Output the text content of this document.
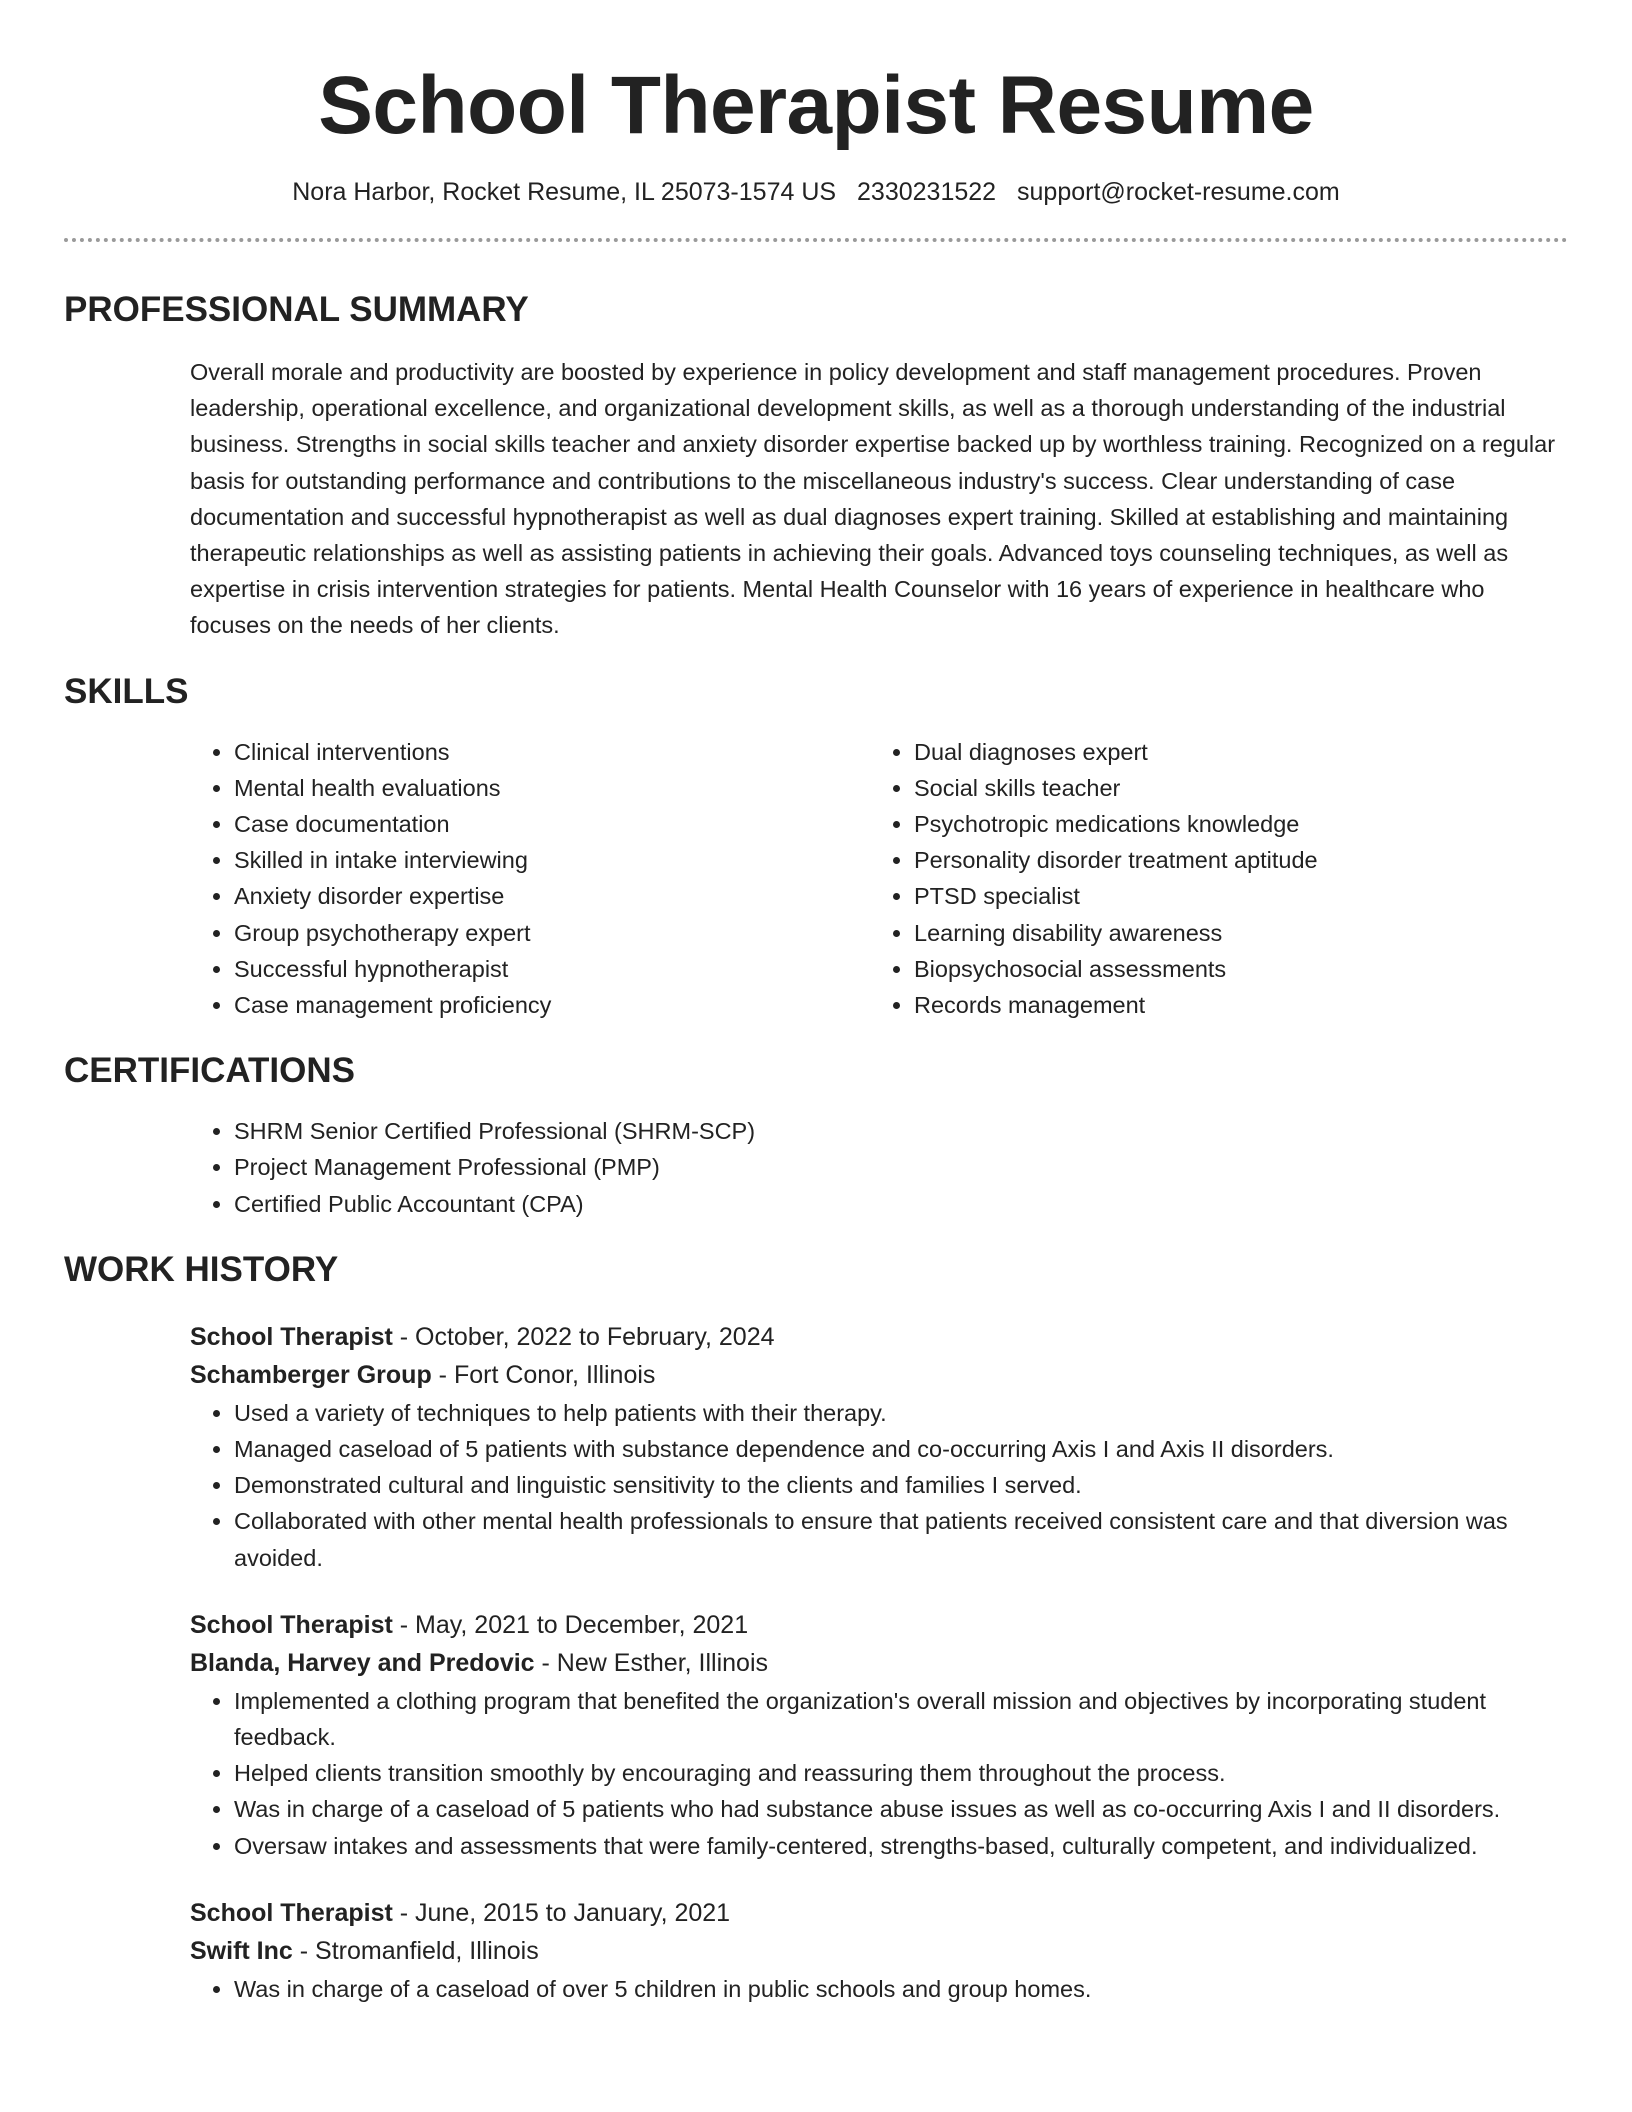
School Therapist Resume
Nora Harbor, Rocket Resume, IL 25073-1574 US 2330231522 support@rocket-resume.com
PROFESSIONAL SUMMARY

Overall morale and productivity are boosted by experience in policy development and staff management procedures. Proven leadership, operational excellence, and organizational development skills, as well as a thorough understanding of the industrial business. Strengths in social skills teacher and anxiety disorder expertise backed up by worthless training. Recognized on a regular basis for outstanding performance and contributions to the miscellaneous industry's success. Clear understanding of case documentation and successful hypnotherapist as well as dual diagnoses expert training. Skilled at establishing and maintaining therapeutic relationships as well as assisting patients in achieving their goals. Advanced toys counseling techniques, as well as expertise in crisis intervention strategies for patients. Mental Health Counselor with 16 years of experience in healthcare who focuses on the needs of her clients.

SKILLS
• Clinical interventions
• Mental health evaluations
• Case documentation
• Skilled in intake interviewing
• Anxiety disorder expertise
• Group psychotherapy expert
• Successful hypnotherapist
• Case management proficiency
• Dual diagnoses expert
• Social skills teacher
• Psychotropic medications knowledge
• Personality disorder treatment aptitude
• PTSD specialist
• Learning disability awareness
• Biopsychosocial assessments
• Records management
CERTIFICATIONS
• SHRM Senior Certified Professional (SHRM-SCP)
• Project Management Professional (PMP)
• Certified Public Accountant (CPA)
WORK HISTORY
School Therapist - October, 2022 to February, 2024
Schamberger Group - Fort Conor, Illinois
• Used a variety of techniques to help patients with their therapy.
• Managed caseload of 5 patients with substance dependence and co-occurring Axis I and Axis II disorders.
• Demonstrated cultural and linguistic sensitivity to the clients and families I served.
• Collaborated with other mental health professionals to ensure that patients received consistent care and that diversion was avoided.
School Therapist - May, 2021 to December, 2021
Blanda, Harvey and Predovic - New Esther, Illinois
• Implemented a clothing program that benefited the organization's overall mission and objectives by incorporating student feedback.
• Helped clients transition smoothly by encouraging and reassuring them throughout the process.
• Was in charge of a caseload of 5 patients who had substance abuse issues as well as co-occurring Axis I and II disorders.
• Oversaw intakes and assessments that were family-centered, strengths-based, culturally competent, and individualized.
School Therapist - June, 2015 to January, 2021
Swift Inc - Stromanfield, Illinois
• Was in charge of a caseload of over 5 children in public schools and group homes.
